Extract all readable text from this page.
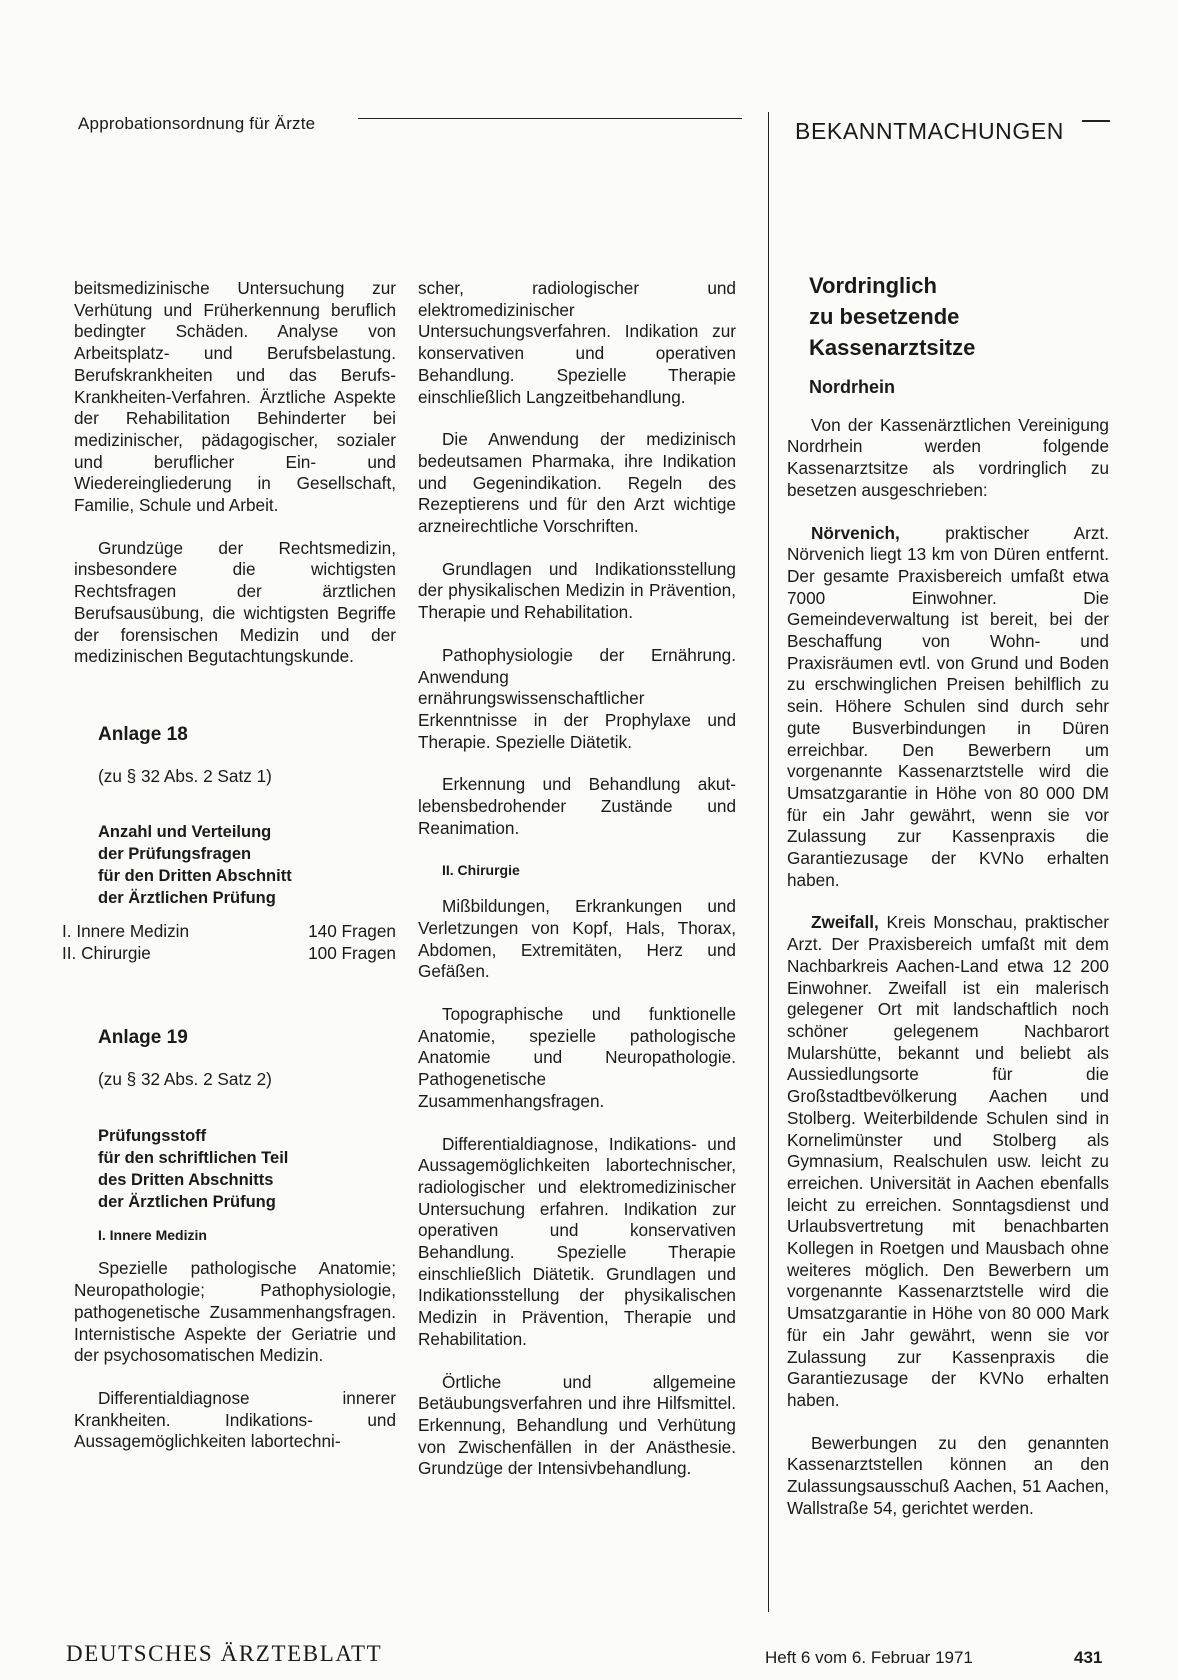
Approbationsordnung für Ärzte	BEKANNTMACHUNGEN

beitsmedizinische Untersuchung zur Verhütung und Früherkennung beruflich bedingter Schäden. Analyse von Arbeitsplatz- und Berufsbelastung. Berufskrankheiten und das Berufs-Krankheiten-Verfahren. Ärztliche Aspekte der Rehabilitation Behinderter bei medizinischer, pädagogischer, sozialer und beruflicher Ein- und Wiedereingliederung in Gesellschaft, Familie, Schule und Arbeit.

Grundzüge der Rechtsmedizin, insbesondere die wichtigsten Rechtsfragen der ärztlichen Berufsausübung, die wichtigsten Begriffe der forensischen Medizin und der medizinischen Begutachtungskunde.

Anlage 18
(zu § 32 Abs. 2 Satz 1)
Anzahl und Verteilung
der Prüfungsfragen
für den Dritten Abschnitt
der Ärztlichen Prüfung
I. Innere Medizin	140 Fragen
II. Chirurgie	100 Fragen
Anlage 19
(zu § 32 Abs. 2 Satz 2)
Prüfungsstoff
für den schriftlichen Teil
des Dritten Abschnitts
der Ärztlichen Prüfung
I. Innere Medizin

Spezielle pathologische Anatomie; Neuropathologie; Pathophysiologie, pathogenetische Zusammenhangsfragen. Internistische Aspekte der Geriatrie und der psychosomatischen Medizin.

Differentialdiagnose innerer Krankheiten. Indikations- und Aussagemöglichkeiten labortechni-

scher, radiologischer und elektromedizinischer Untersuchungsverfahren. Indikation zur konservativen und operativen Behandlung. Spezielle Therapie einschließlich Langzeitbehandlung.

Die Anwendung der medizinisch bedeutsamen Pharmaka, ihre Indikation und Gegenindikation. Regeln des Rezeptierens und für den Arzt wichtige arzneirechtliche Vorschriften.

Grundlagen und Indikationsstellung der physikalischen Medizin in Prävention, Therapie und Rehabilitation.

Pathophysiologie der Ernährung. Anwendung ernährungswissenschaftlicher Erkenntnisse in der Prophylaxe und Therapie. Spezielle Diätetik.

Erkennung und Behandlung akut-lebensbedrohender Zustände und Reanimation.

II. Chirurgie

Mißbildungen, Erkrankungen und Verletzungen von Kopf, Hals, Thorax, Abdomen, Extremitäten, Herz und Gefäßen.

Topographische und funktionelle Anatomie, spezielle pathologische Anatomie und Neuropathologie. Pathogenetische Zusammenhangsfragen.

Differentialdiagnose, Indikations- und Aussagemöglichkeiten labortechnischer, radiologischer und elektromedizinischer Untersuchung erfahren. Indikation zur operativen und konservativen Behandlung. Spezielle Therapie einschließlich Diätetik. Grundlagen und Indikationsstellung der physikalischen Medizin in Prävention, Therapie und Rehabilitation.

Örtliche und allgemeine Betäubungsverfahren und ihre Hilfsmittel. Erkennung, Behandlung und Verhütung von Zwischenfällen in der Anästhesie. Grundzüge der Intensivbehandlung.

Vordringlich
zu besetzende
Kassenarztsitze
Nordrhein

Von der Kassenärztlichen Vereinigung Nordrhein werden folgende Kassenarztsitze als vordringlich zu besetzen ausgeschrieben:

Nörvenich, praktischer Arzt. Nörvenich liegt 13 km von Düren entfernt. Der gesamte Praxisbereich umfaßt etwa 7000 Einwohner. Die Gemeindeverwaltung ist bereit, bei der Beschaffung von Wohn- und Praxisräumen evtl. von Grund und Boden zu erschwinglichen Preisen behilflich zu sein. Höhere Schulen sind durch sehr gute Busverbindungen in Düren erreichbar. Den Bewerbern um vorgenannte Kassenarztstelle wird die Umsatzgarantie in Höhe von 80 000 DM für ein Jahr gewährt, wenn sie vor Zulassung zur Kassenpraxis die Garantiezusage der KVNo erhalten haben.

Zweifall, Kreis Monschau, praktischer Arzt. Der Praxisbereich umfaßt mit dem Nachbarkreis Aachen-Land etwa 12 200 Einwohner. Zweifall ist ein malerisch gelegener Ort mit landschaftlich noch schöner gelegenem Nachbarort Mularshütte, bekannt und beliebt als Aussiedlungsorte für die Großstadtbevölkerung Aachen und Stolberg. Weiterbildende Schulen sind in Kornelimünster und Stolberg als Gymnasium, Realschulen usw. leicht zu erreichen. Universität in Aachen ebenfalls leicht zu erreichen. Sonntagsdienst und Urlaubsvertretung mit benachbarten Kollegen in Roetgen und Mausbach ohne weiteres möglich. Den Bewerbern um vorgenannte Kassenarztstelle wird die Umsatzgarantie in Höhe von 80 000 Mark für ein Jahr gewährt, wenn sie vor Zulassung zur Kassenpraxis die Garantiezusage der KVNo erhalten haben.

Bewerbungen zu den genannten Kassenarztstellen können an den Zulassungsausschuß Aachen, 51 Aachen, Wallstraße 54, gerichtet werden.

DEUTSCHES ÄRZTEBLATT	Heft 6 vom 6. Februar 1971	431
